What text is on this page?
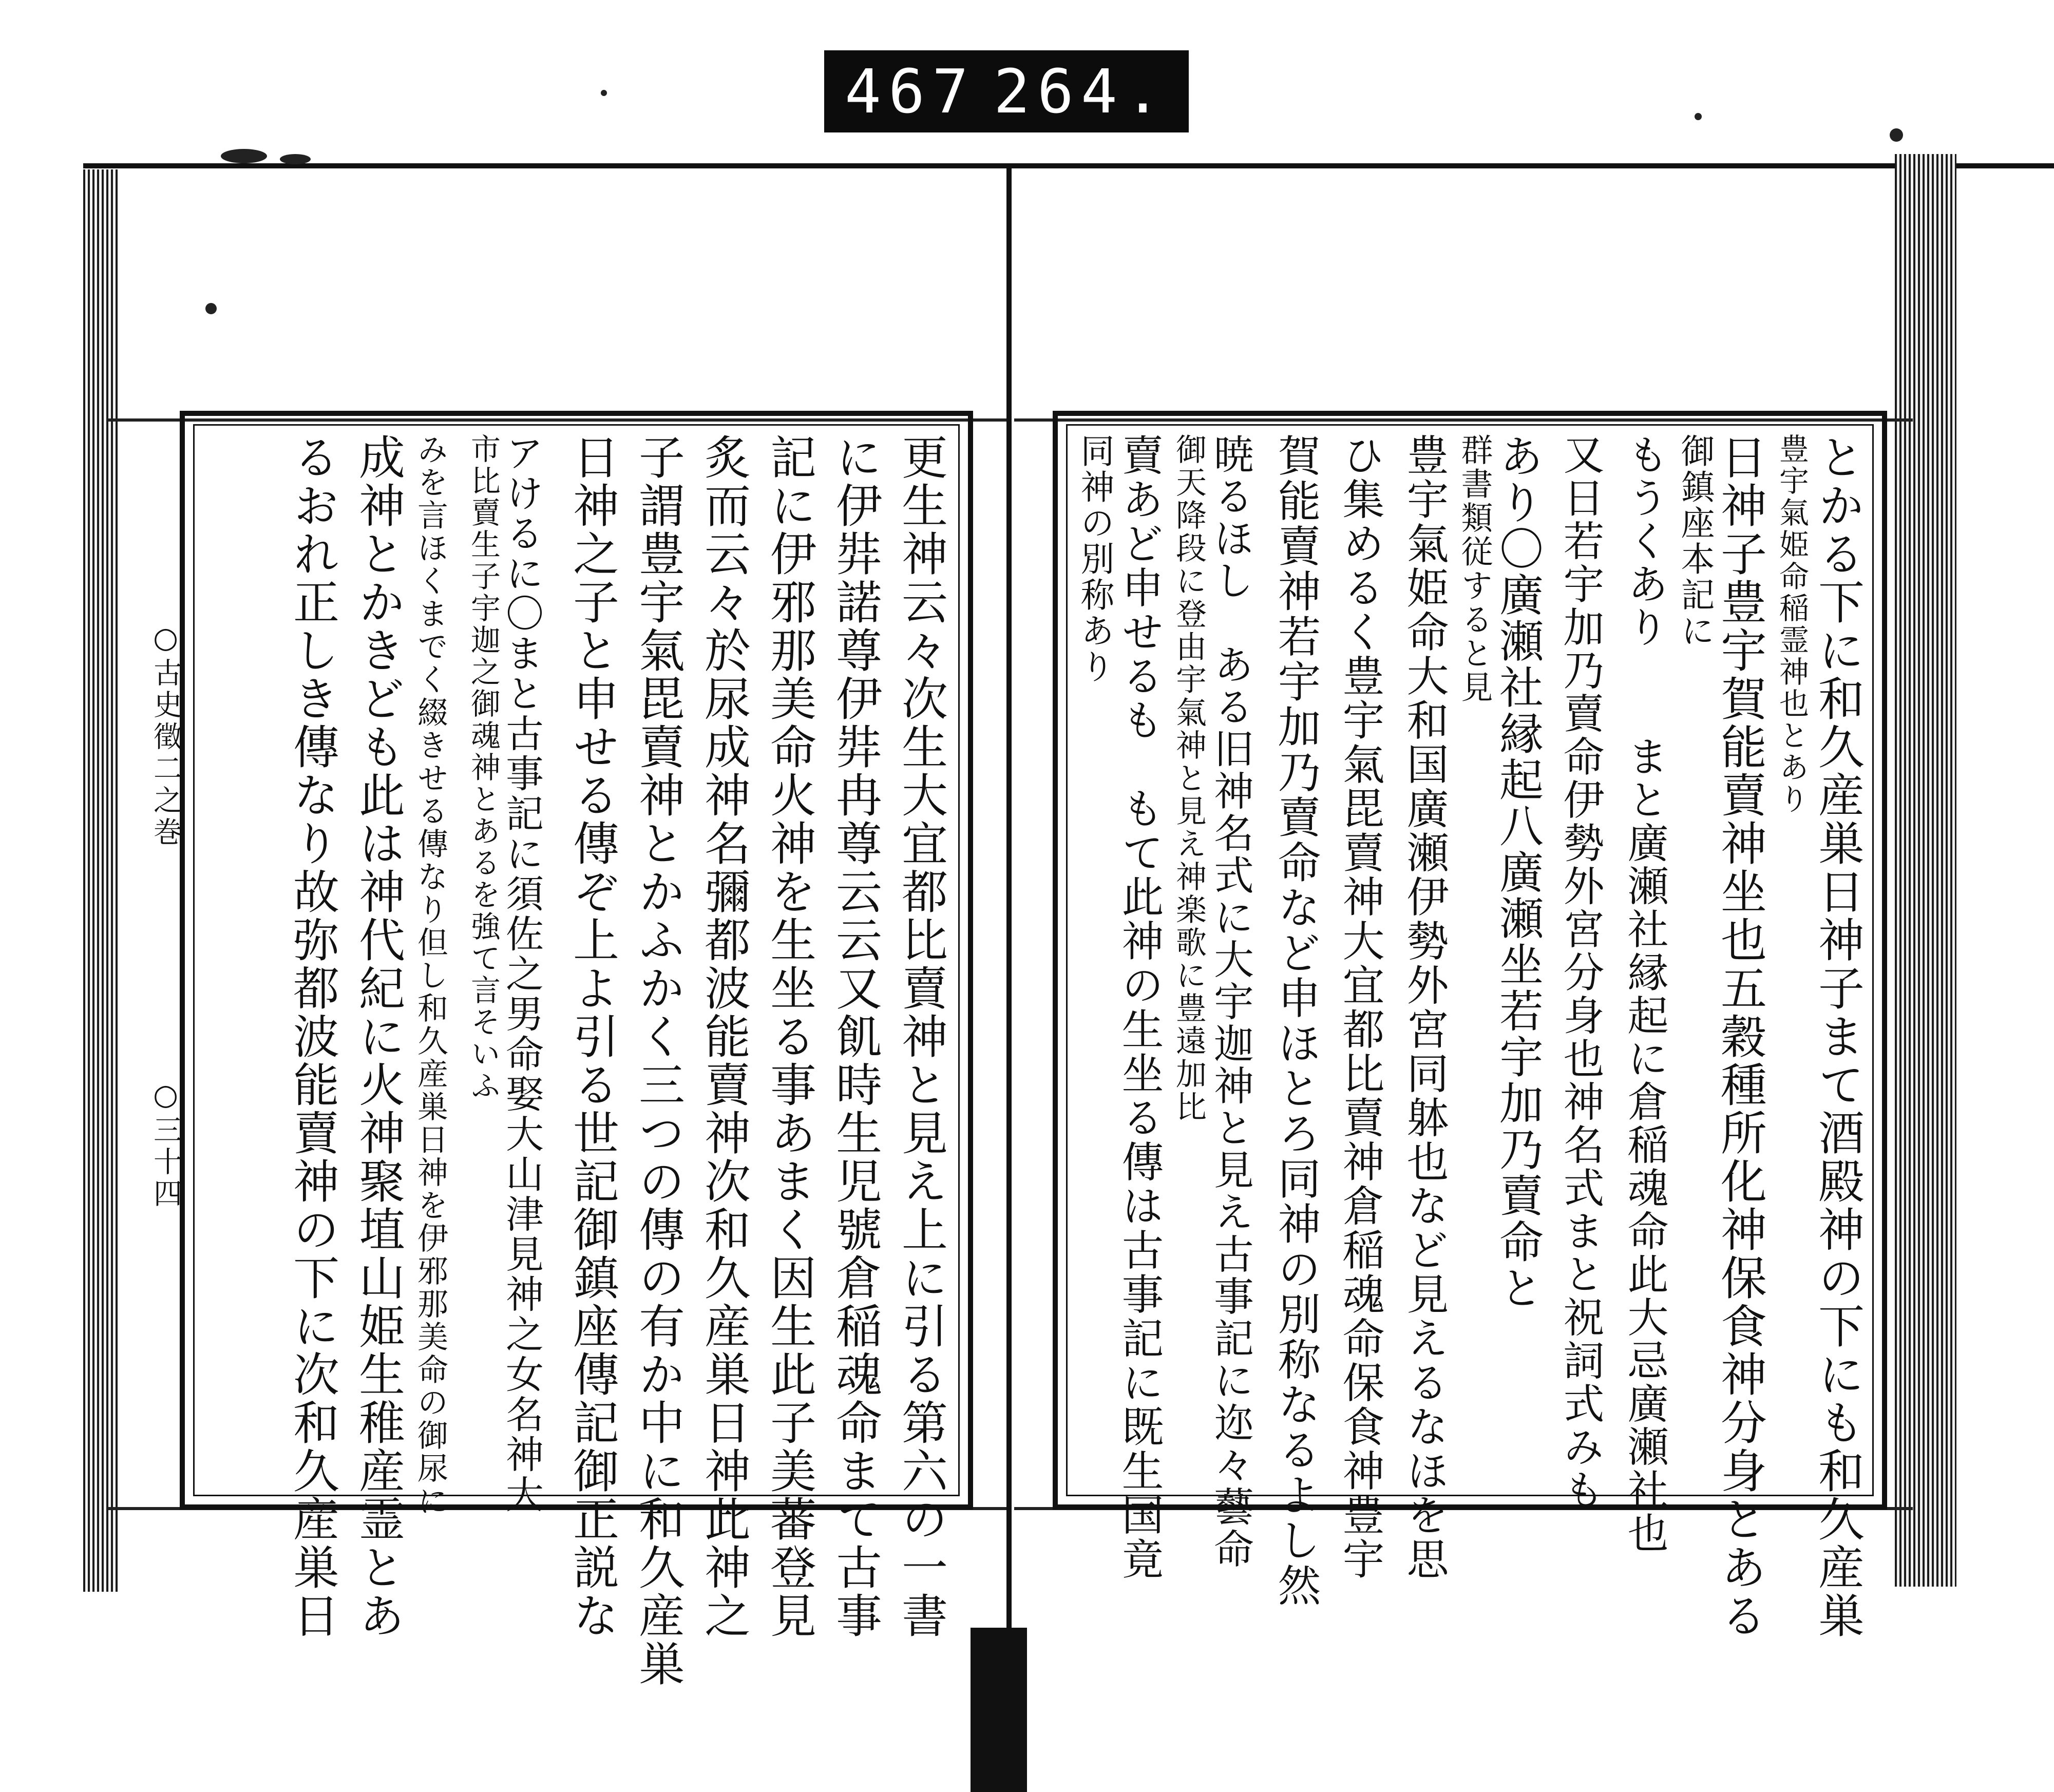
467 264.
○古史徵二之巻
○三十四	更生神云々次生大宜都比賣神と見え上に引る第六の一書
に伊弉諾尊伊弉冉尊云云又飢時生児號倉稲魂命まて古事
記に伊邪那美命火神を生坐る事あまく因生此子美蕃登見
炙而云々於尿成神名彌都波能賣神次和久産巣日神此神之
子謂豊宇氣毘賣神とかふかく三つの傳の有か中に和久産巣
日神之子と申せる傳ぞ上よ引る世記御鎮座傳記御正説な
アけるに〇まと古事記に須佐之男命娶大山津見神之女名神大
市比賣生子宇迦之御魂神とあるを強て言そいふ
みを言ほくまでく綴きせる傳なり但し和久産巣日神を伊邪那美命の御尿に
成神とかきども此は神代紀に火神聚埴山姫生稚産霊とあ
るおれ正しき傳なり故弥都波能賣神の下に次和久産巣日	とかる下に和久産巣日神子まて酒殿神の下にも和久産巣
豊宇氣姫命稲霊神也とあり
日神子豊宇賀能賣神坐也五穀種所化神保食神分身とある
御鎮座本記に
もうくあり　　まと廣瀬社縁起に倉稲魂命此大忌廣瀬社也
又日若宇加乃賣命伊勢外宮分身也神名式まと祝詞式みも
あり〇廣瀬社縁起八廣瀬坐若宇加乃賣命と
群書類従すると見
豊宇氣姫命大和国廣瀬伊勢外宮同躰也など見えるなほを思
ひ集めるく豊宇氣毘賣神大宜都比賣神倉稲魂命保食神豊宇
賀能賣神若宇加乃賣命など申ほとろ同神の別称なるよし然
暁るほし　ある旧神名式に大宇迦神と見え古事記に迩々藝命
御天降段に登由宇氣神と見え神楽歌に豊遠加比
賣あど申せるも　もて此神の生坐る傳は古事記に既生国竟
同神の別称あり
